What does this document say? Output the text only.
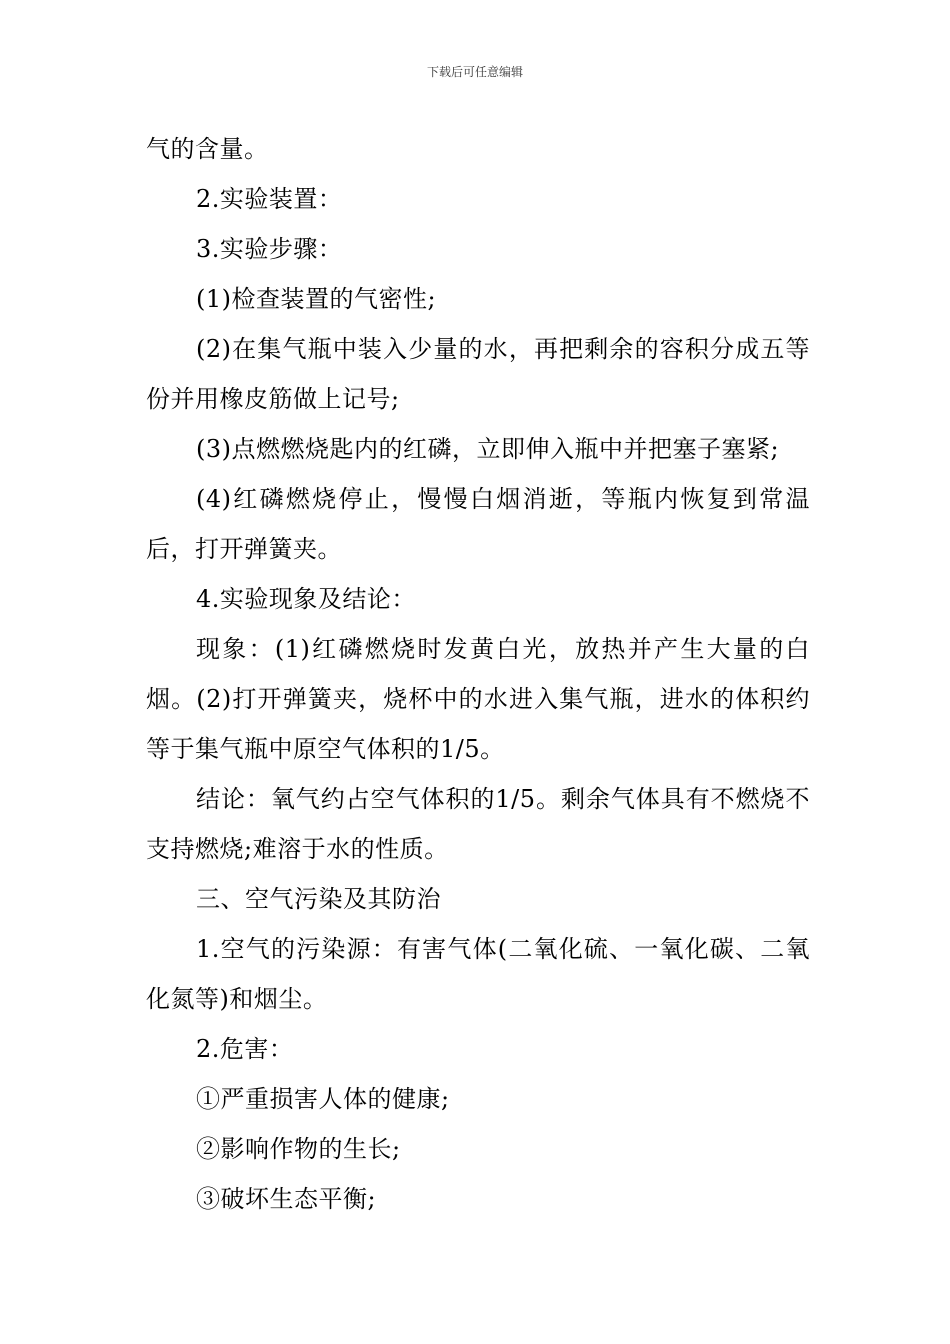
下载后可任意编辑

气的含量。

2.实验装置：

3.实验步骤：

(1)检查装置的气密性;

(2)在集气瓶中装入少量的水，再把剩余的容积分成五等份并用橡皮筋做上记号;

(3)点燃燃烧匙内的红磷，立即伸入瓶中并把塞子塞紧;

(4)红磷燃烧停止，慢慢白烟消逝，等瓶内恢复到常温后，打开弹簧夹。

4.实验现象及结论：

现象：(1)红磷燃烧时发黄白光，放热并产生大量的白烟。(2)打开弹簧夹，烧杯中的水进入集气瓶，进水的体积约等于集气瓶中原空气体积的1/5。

结论：氧气约占空气体积的1/5。剩余气体具有不燃烧不支持燃烧;难溶于水的性质。

三、空气污染及其防治

1.空气的污染源：有害气体(二氧化硫、一氧化碳、二氧化氮等)和烟尘。

2.危害：

①严重损害人体的健康;

②影响作物的生长;

③破坏生态平衡;
